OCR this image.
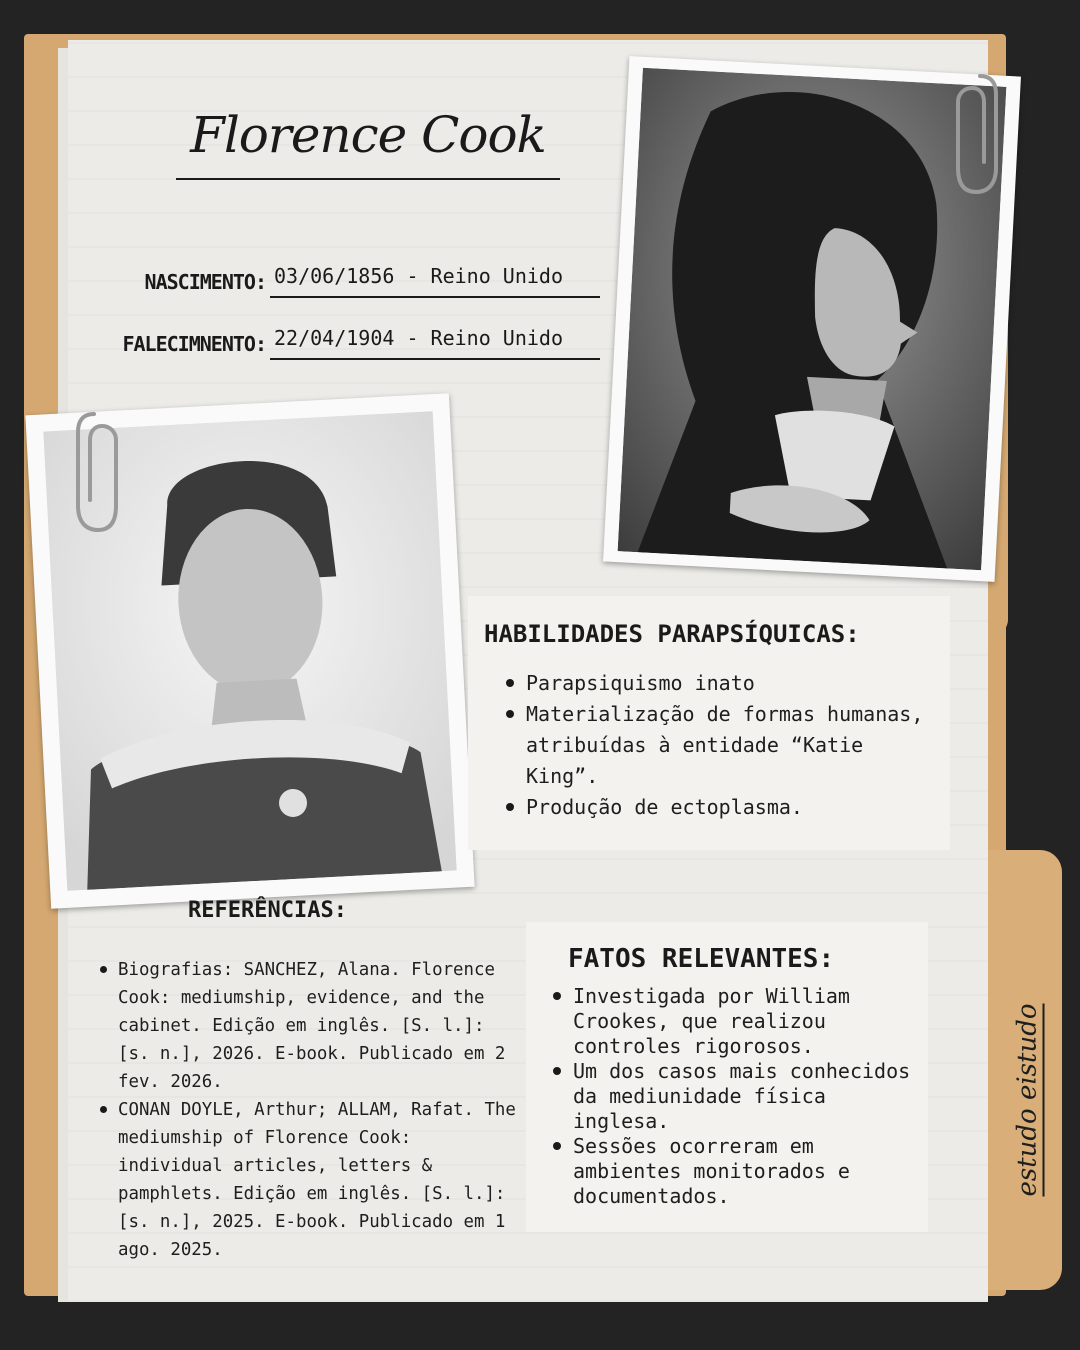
estudo eistudo
Florence Cook
NASCIMENTO: 03/06/1856 - Reino Unido
FALECIMNENTO: 22/04/1904 - Reino Unido
HABILIDADES PARAPSÍQUICAS:
Parapsiquismo inato
Materialização de formas humanas, atribuídas à entidade “Katie King”.
Produção de ectoplasma.
REFERÊNCIAS:
Biografias: SANCHEZ, Alana. Florence Cook: mediumship, evidence, and the cabinet. Edição em inglês. [S. l.]: [s. n.], 2026. E-book. Publicado em 2 fev. 2026.
CONAN DOYLE, Arthur; ALLAM, Rafat. The mediumship of Florence Cook: individual articles, letters & pamphlets. Edição em inglês. [S. l.]: [s. n.], 2025. E-book. Publicado em 1 ago. 2025.
FATOS RELEVANTES:
Investigada por William Crookes, que realizou controles rigorosos.
Um dos casos mais conhecidos da mediunidade física inglesa.
Sessões ocorreram em ambientes monitorados e documentados.
